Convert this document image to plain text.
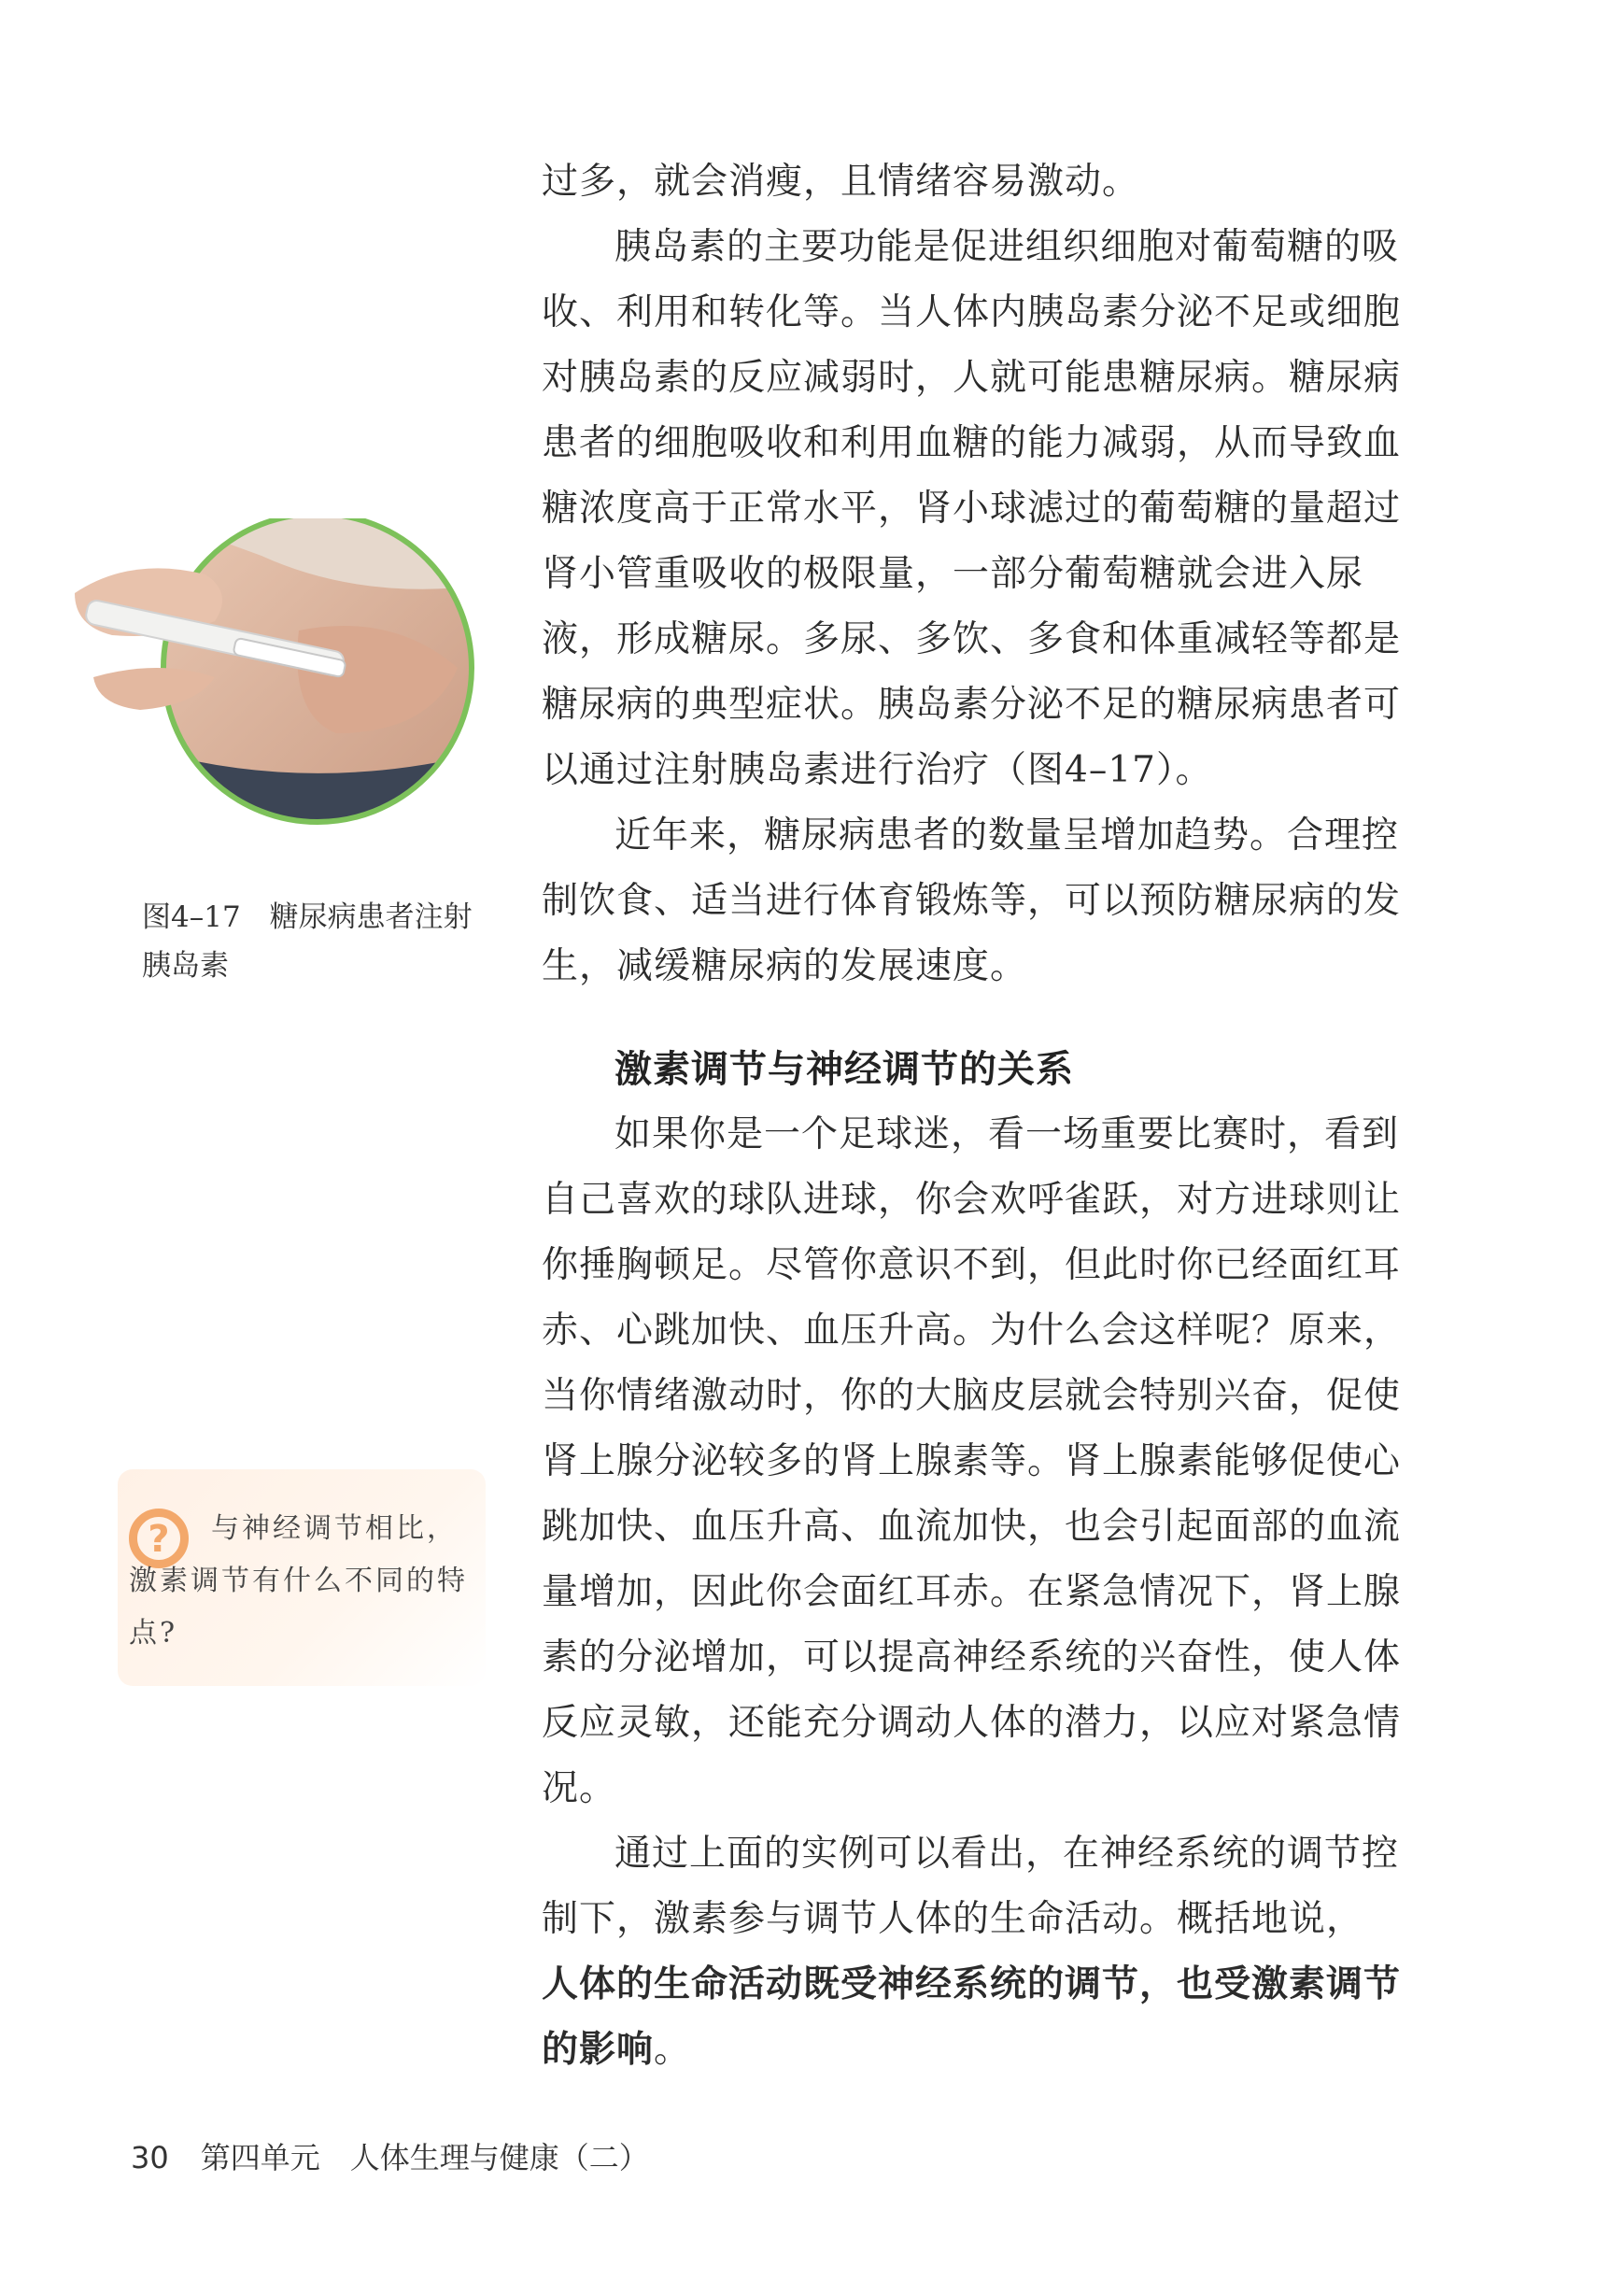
过多，就会消瘦，且情绪容易激动。

胰岛素的主要功能是促进组织细胞对葡萄糖的吸收、利用和转化等。当人体内胰岛素分泌不足或细胞对胰岛素的反应减弱时，人就可能患糖尿病。糖尿病患者的细胞吸收和利用血糖的能力减弱，从而导致血糖浓度高于正常水平，肾小球滤过的葡萄糖的量超过肾小管重吸收的极限量，一部分葡萄糖就会进入尿液，形成糖尿。多尿、多饮、多食和体重减轻等都是糖尿病的典型症状。胰岛素分泌不足的糖尿病患者可以通过注射胰岛素进行治疗（图4–17）。

近年来，糖尿病患者的数量呈增加趋势。合理控制饮食、适当进行体育锻炼等，可以预防糖尿病的发生，减缓糖尿病的发展速度。

激素调节与神经调节的关系

如果你是一个足球迷，看一场重要比赛时，看到自己喜欢的球队进球，你会欢呼雀跃，对方进球则让你捶胸顿足。尽管你意识不到，但此时你已经面红耳赤、心跳加快、血压升高。为什么会这样呢？原来，当你情绪激动时，你的大脑皮层就会特别兴奋，促使肾上腺分泌较多的肾上腺素等。肾上腺素能够促使心跳加快、血压升高、血流加快，也会引起面部的血流量增加，因此你会面红耳赤。在紧急情况下，肾上腺素的分泌增加，可以提高神经系统的兴奋性，使人体反应灵敏，还能充分调动人体的潜力，以应对紧急情况。

通过上面的实例可以看出，在神经系统的调节控制下，激素参与调节人体的生命活动。概括地说，人体的生命活动既受神经系统的调节，也受激素调节的影响。

图4–17　糖尿病患者注射胰岛素
?	与神经调节相比，激素调节有什么不同的特点?
30 第四单元　人体生理与健康（二）
